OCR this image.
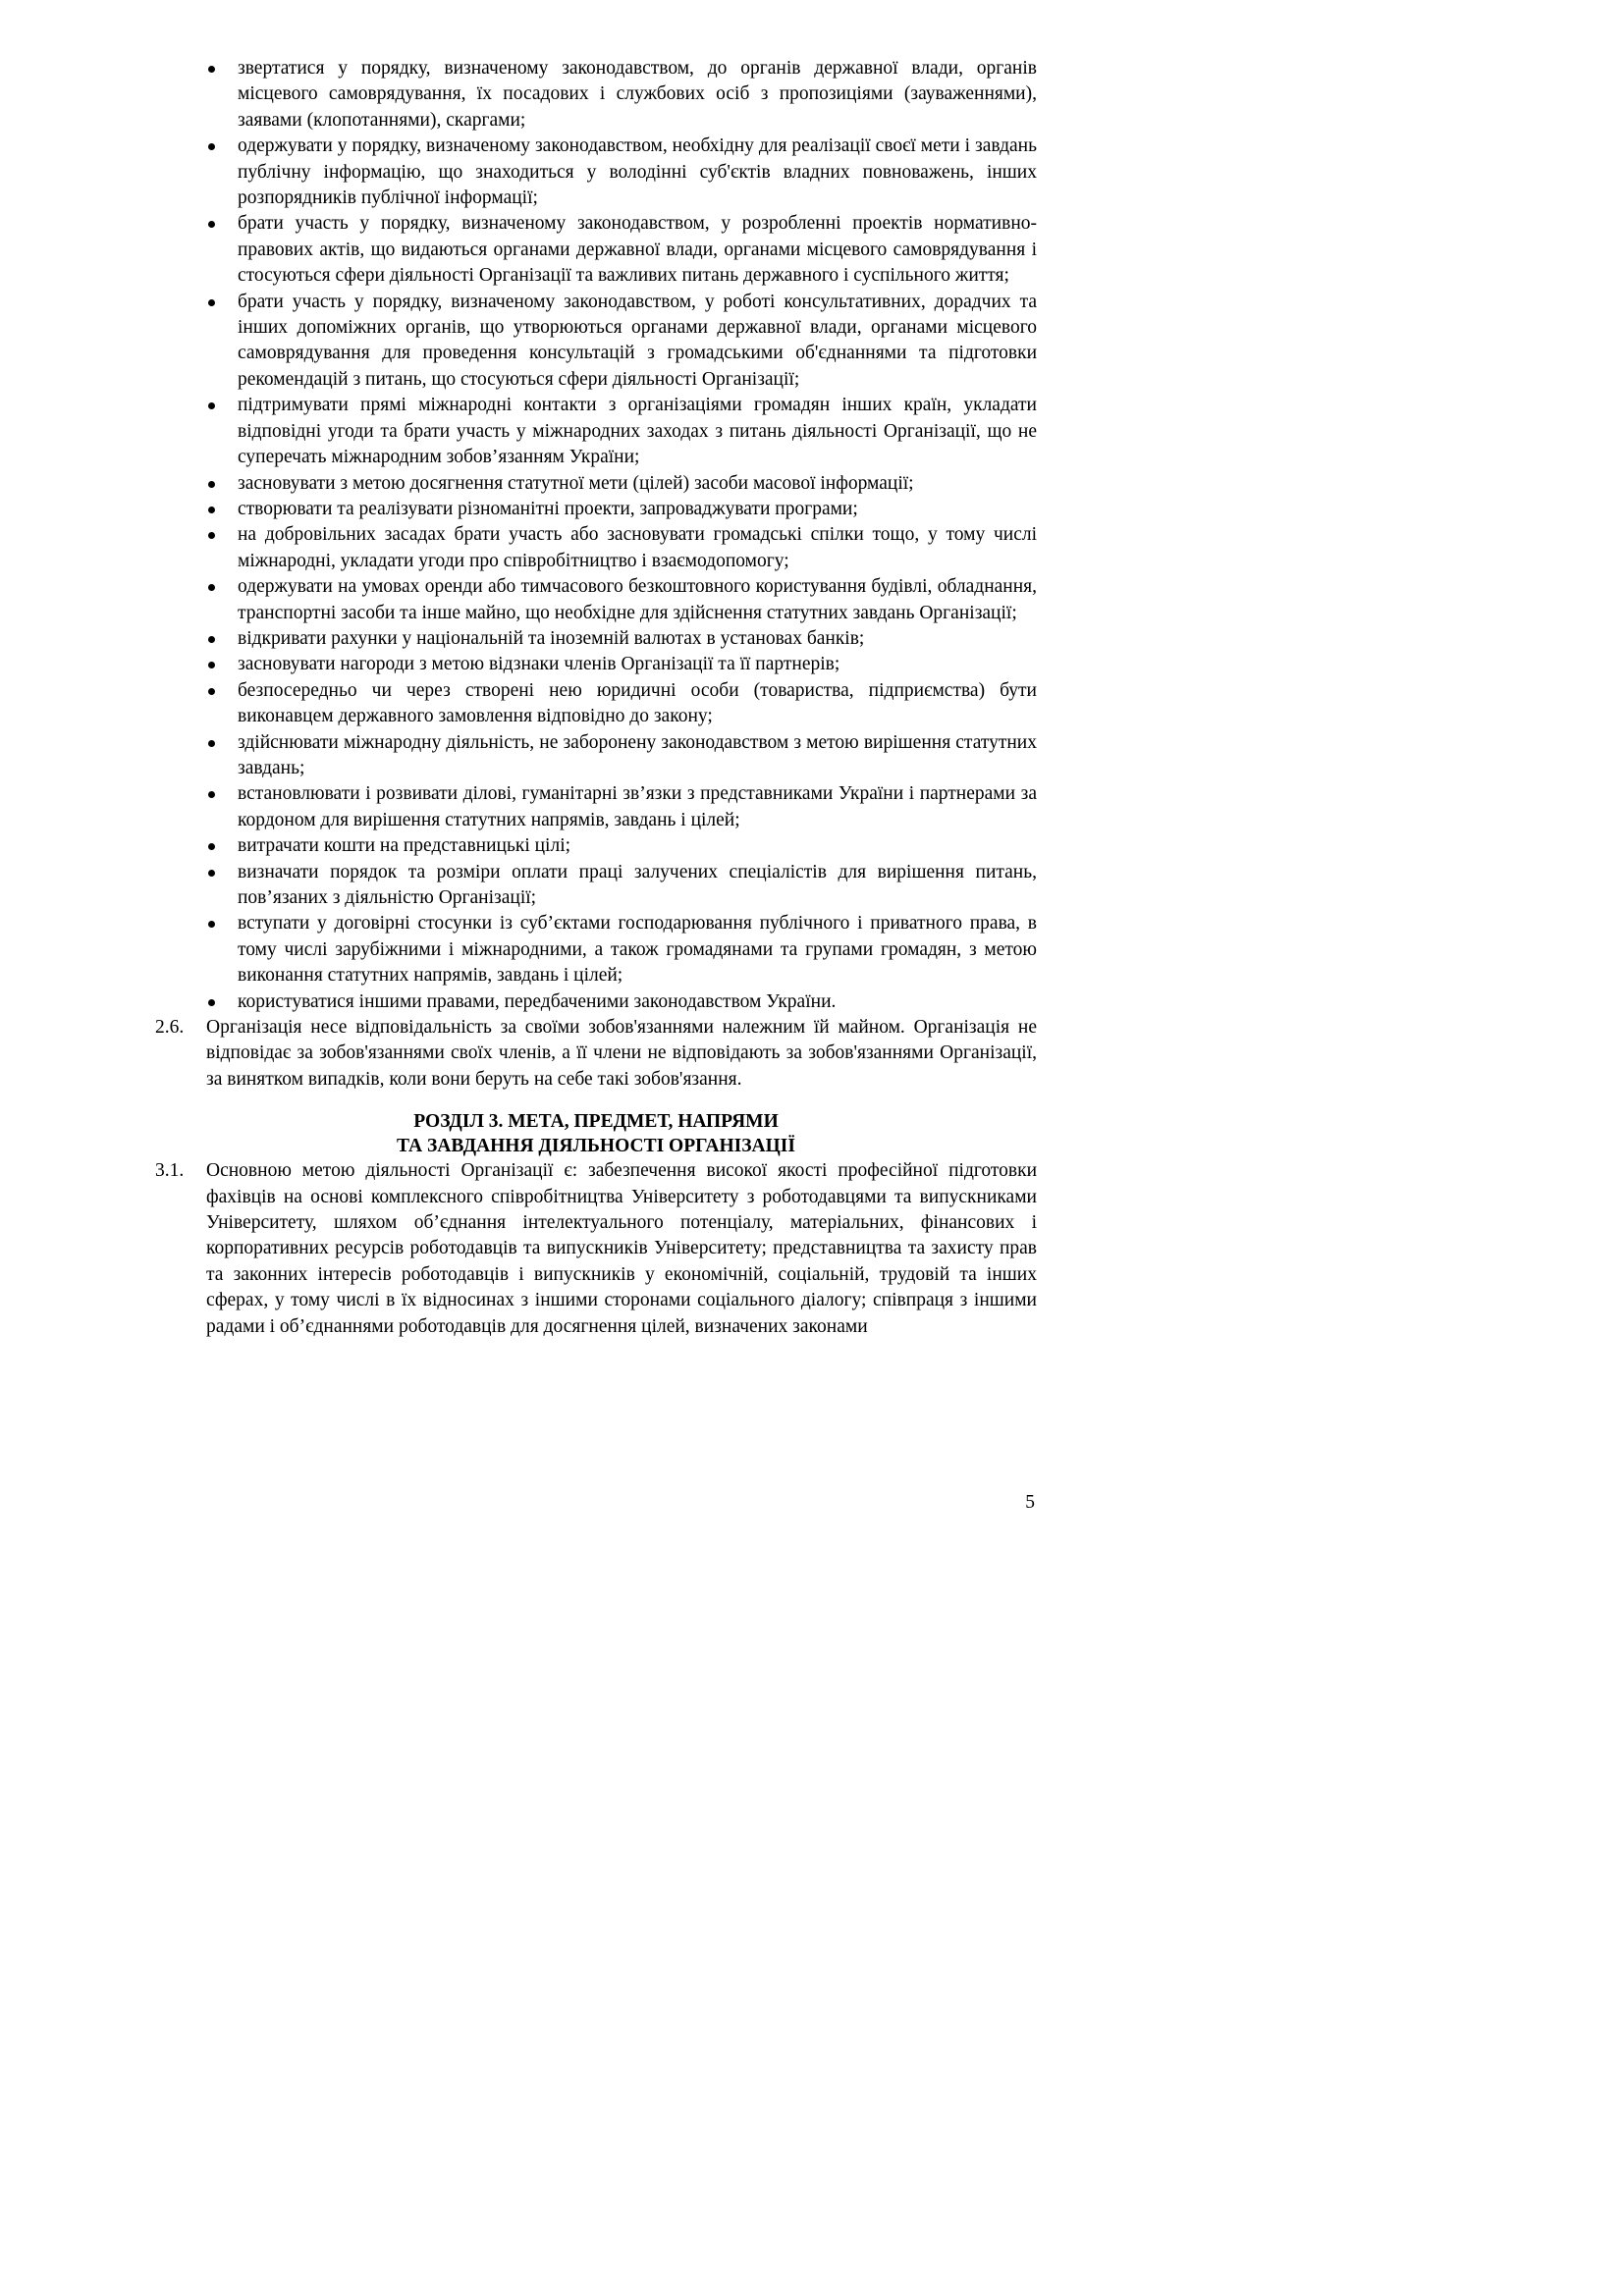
звертатися у порядку, визначеному законодавством, до органів державної влади, органів місцевого самоврядування, їх посадових і службових осіб з пропозиціями (зауваженнями), заявами (клопотаннями), скаргами;
одержувати у порядку, визначеному законодавством, необхідну для реалізації своєї мети і завдань публічну інформацію, що знаходиться у володінні суб'єктів владних повноважень, інших розпорядників публічної інформації;
брати участь у порядку, визначеному законодавством, у розробленні проектів нормативно-правових актів, що видаються органами державної влади, органами місцевого самоврядування і стосуються сфери діяльності Організації та важливих питань державного і суспільного життя;
брати участь у порядку, визначеному законодавством, у роботі консультативних, дорадчих та інших допоміжних органів, що утворюються органами державної влади, органами місцевого самоврядування для проведення консультацій з громадськими об'єднаннями та підготовки рекомендацій з питань, що стосуються сфери діяльності Організації;
підтримувати прямі міжнародні контакти з організаціями громадян інших країн, укладати відповідні угоди та брати участь у міжнародних заходах з питань діяльності Організації, що не суперечать міжнародним зобов’язанням України;
засновувати з метою досягнення статутної мети (цілей) засоби масової інформації;
створювати та реалізувати різноманітні проекти, запроваджувати програми;
на добровільних засадах брати участь або засновувати громадські спілки тощо, у тому числі міжнародні, укладати угоди про співробітництво і взаємодопомогу;
одержувати на умовах оренди або тимчасового безкоштовного користування будівлі, обладнання, транспортні засоби та інше майно, що необхідне для здійснення статутних завдань Організації;
відкривати рахунки у національній та іноземній валютах в установах банків;
засновувати нагороди з метою відзнаки членів Організації та її партнерів;
безпосередньо чи через створені нею юридичні особи (товариства, підприємства) бути виконавцем державного замовлення відповідно до закону;
здійснювати міжнародну діяльність, не заборонену законодавством з метою вирішення статутних завдань;
встановлювати і розвивати ділові, гуманітарні зв’язки з представниками України і партнерами за кордоном для вирішення статутних напрямів, завдань і цілей;
витрачати кошти на представницькі цілі;
визначати порядок та розміри оплати праці залучених спеціалістів для вирішення питань, пов’язаних з діяльністю Організації;
вступати у договірні стосунки із суб’єктами господарювання публічного і приватного права, в тому числі зарубіжними і міжнародними, а також громадянами та групами громадян, з метою виконання статутних напрямів, завдань і цілей;
користуватися іншими правами, передбаченими законодавством України.
2.6. Організація несе відповідальність за своїми зобов'язаннями належним їй майном. Організація не відповідає за зобов'язаннями своїх членів, а її члени не відповідають за зобов'язаннями Організації, за винятком випадків, коли вони беруть на себе такі зобов'язання.
РОЗДІЛ 3. МЕТА, ПРЕДМЕТ, НАПРЯМИ
ТА ЗАВДАННЯ ДІЯЛЬНОСТІ ОРГАНІЗАЦІЇ
3.1. Основною метою діяльності Організації є: забезпечення високої якості професійної підготовки фахівців на основі комплексного співробітництва Університету з роботодавцями та випускниками Університету, шляхом об’єднання інтелектуального потенціалу, матеріальних, фінансових і корпоративних ресурсів роботодавців та випускників Університету; представництва та захисту прав та законних інтересів роботодавців і випускників у економічній, соціальній, трудовій та інших сферах, у тому числі в їх відносинах з іншими сторонами соціального діалогу; співпраця з іншими радами і об’єднаннями роботодавців для досягнення цілей, визначених законами
5
